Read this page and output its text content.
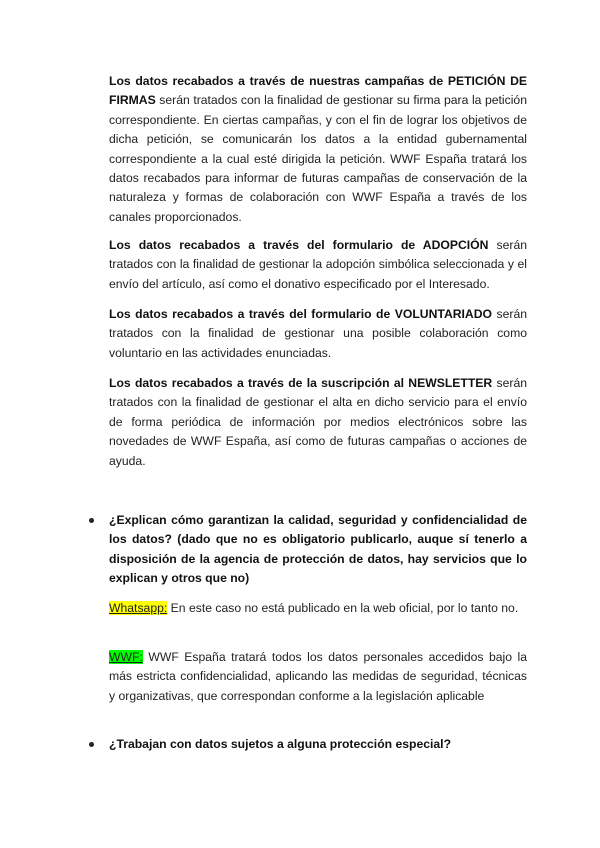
Los datos recabados a través de nuestras campañas de PETICIÓN DE FIRMAS serán tratados con la finalidad de gestionar su firma para la petición correspondiente. En ciertas campañas, y con el fin de lograr los objetivos de dicha petición, se comunicarán los datos a la entidad gubernamental correspondiente a la cual esté dirigida la petición. WWF España tratará los datos recabados para informar de futuras campañas de conservación de la naturaleza y formas de colaboración con WWF España a través de los canales proporcionados.

Los datos recabados a través del formulario de ADOPCIÓN serán tratados con la finalidad de gestionar la adopción simbólica seleccionada y el envío del artículo, así como el donativo especificado por el Interesado.

Los datos recabados a través del formulario de VOLUNTARIADO serán tratados con la finalidad de gestionar una posible colaboración como voluntario en las actividades enunciadas.

Los datos recabados a través de la suscripción al NEWSLETTER serán tratados con la finalidad de gestionar el alta en dicho servicio para el envío de forma periódica de información por medios electrónicos sobre las novedades de WWF España, así como de futuras campañas o acciones de ayuda.

¿Explican cómo garantizan la calidad, seguridad y confidencialidad de los datos? (dado que no es obligatorio publicarlo, auque sí tenerlo a disposición de la agencia de protección de datos, hay servicios que lo explican y otros que no)

Whatsapp: En este caso no está publicado en la web oficial, por lo tanto no.

WWF: WWF España tratará todos los datos personales accedidos bajo la más estricta confidencialidad, aplicando las medidas de seguridad, técnicas y organizativas, que correspondan conforme a la legislación aplicable

¿Trabajan con datos sujetos a alguna protección especial?
